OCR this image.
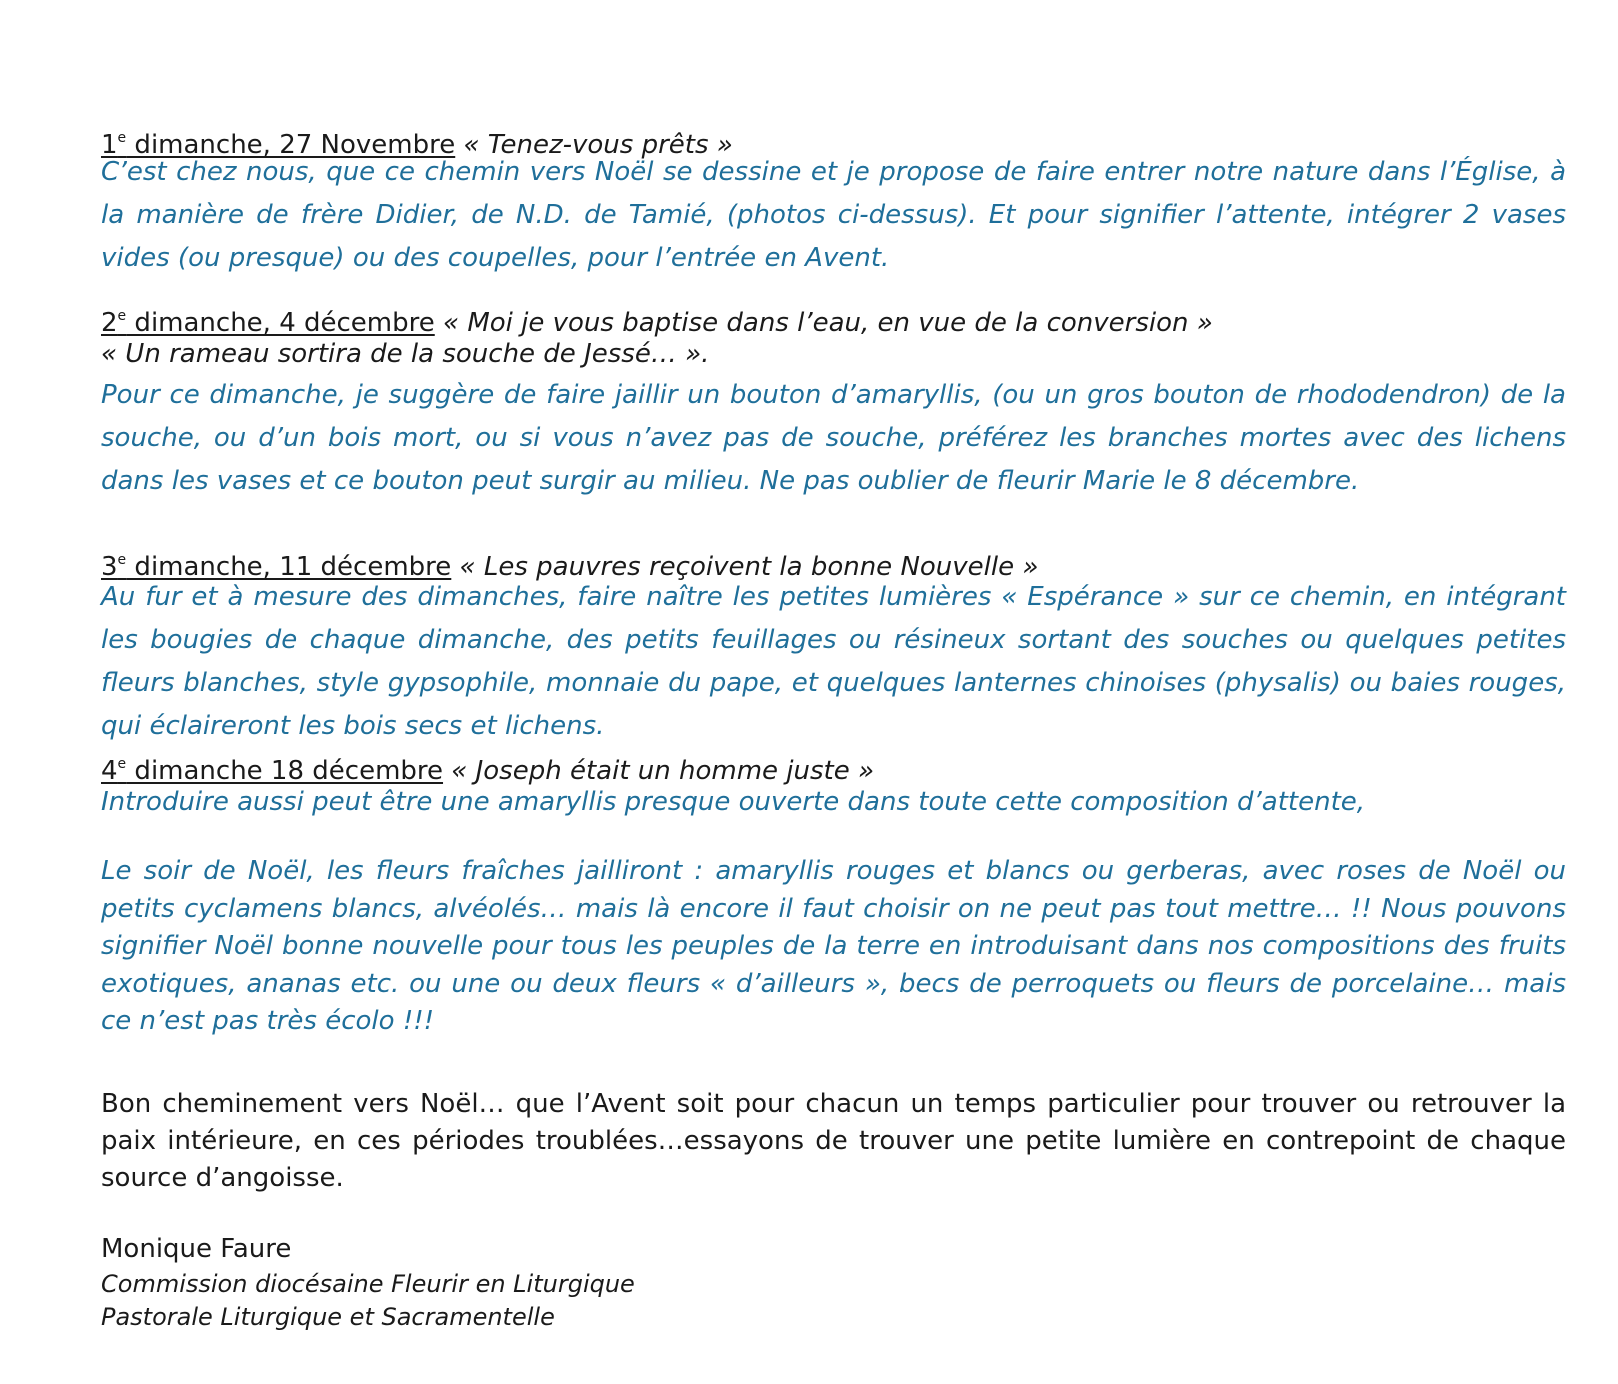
1e dimanche, 27 Novembre « Tenez-vous prêts »
C’est chez nous, que ce chemin vers Noël se dessine et je propose de faire entrer notre nature dans l’Église, à la manière de frère Didier, de N.D. de Tamié, (photos ci-dessus). Et pour signifier l’attente, intégrer 2 vases vides (ou presque) ou des coupelles, pour l’entrée en Avent.
2e dimanche, 4 décembre « Moi je vous baptise dans l’eau, en vue de la conversion »
« Un rameau sortira de la souche de Jessé… ».
Pour ce dimanche, je suggère de faire jaillir un bouton d’amaryllis, (ou un gros bouton de rhododendron) de la souche, ou d’un bois mort, ou si vous n’avez pas de souche, préférez les branches mortes avec des lichens dans les vases et ce bouton peut surgir au milieu. Ne pas oublier de fleurir Marie le 8 décembre.
3e dimanche, 11 décembre « Les pauvres reçoivent la bonne Nouvelle »
Au fur et à mesure des dimanches, faire naître les petites lumières « Espérance » sur ce chemin, en intégrant les bougies de chaque dimanche, des petits feuillages ou résineux sortant des souches ou quelques petites fleurs blanches, style gypsophile, monnaie du pape, et quelques lanternes chinoises (physalis) ou baies rouges, qui éclaireront les bois secs et lichens.
4e dimanche 18 décembre « Joseph était un homme juste »
Introduire aussi peut être une amaryllis presque ouverte dans toute cette composition d’attente,
Le soir de Noël, les fleurs fraîches jailliront : amaryllis rouges et blancs ou gerberas, avec roses de Noël ou petits cyclamens blancs, alvéolés… mais là encore il faut choisir on ne peut pas tout mettre… !! Nous pouvons signifier Noël bonne nouvelle pour tous les peuples de la terre en introduisant dans nos compositions des fruits exotiques, ananas etc. ou une ou deux fleurs « d’ailleurs », becs de perroquets ou fleurs de porcelaine… mais ce n’est pas très écolo !!!
Bon cheminement vers Noël… que l’Avent soit pour chacun un temps particulier pour trouver ou retrouver la paix intérieure, en ces périodes troublées…essayons de trouver une petite lumière en contrepoint de chaque source d’angoisse.
Monique Faure
Commission diocésaine Fleurir en Liturgique
Pastorale Liturgique et Sacramentelle
